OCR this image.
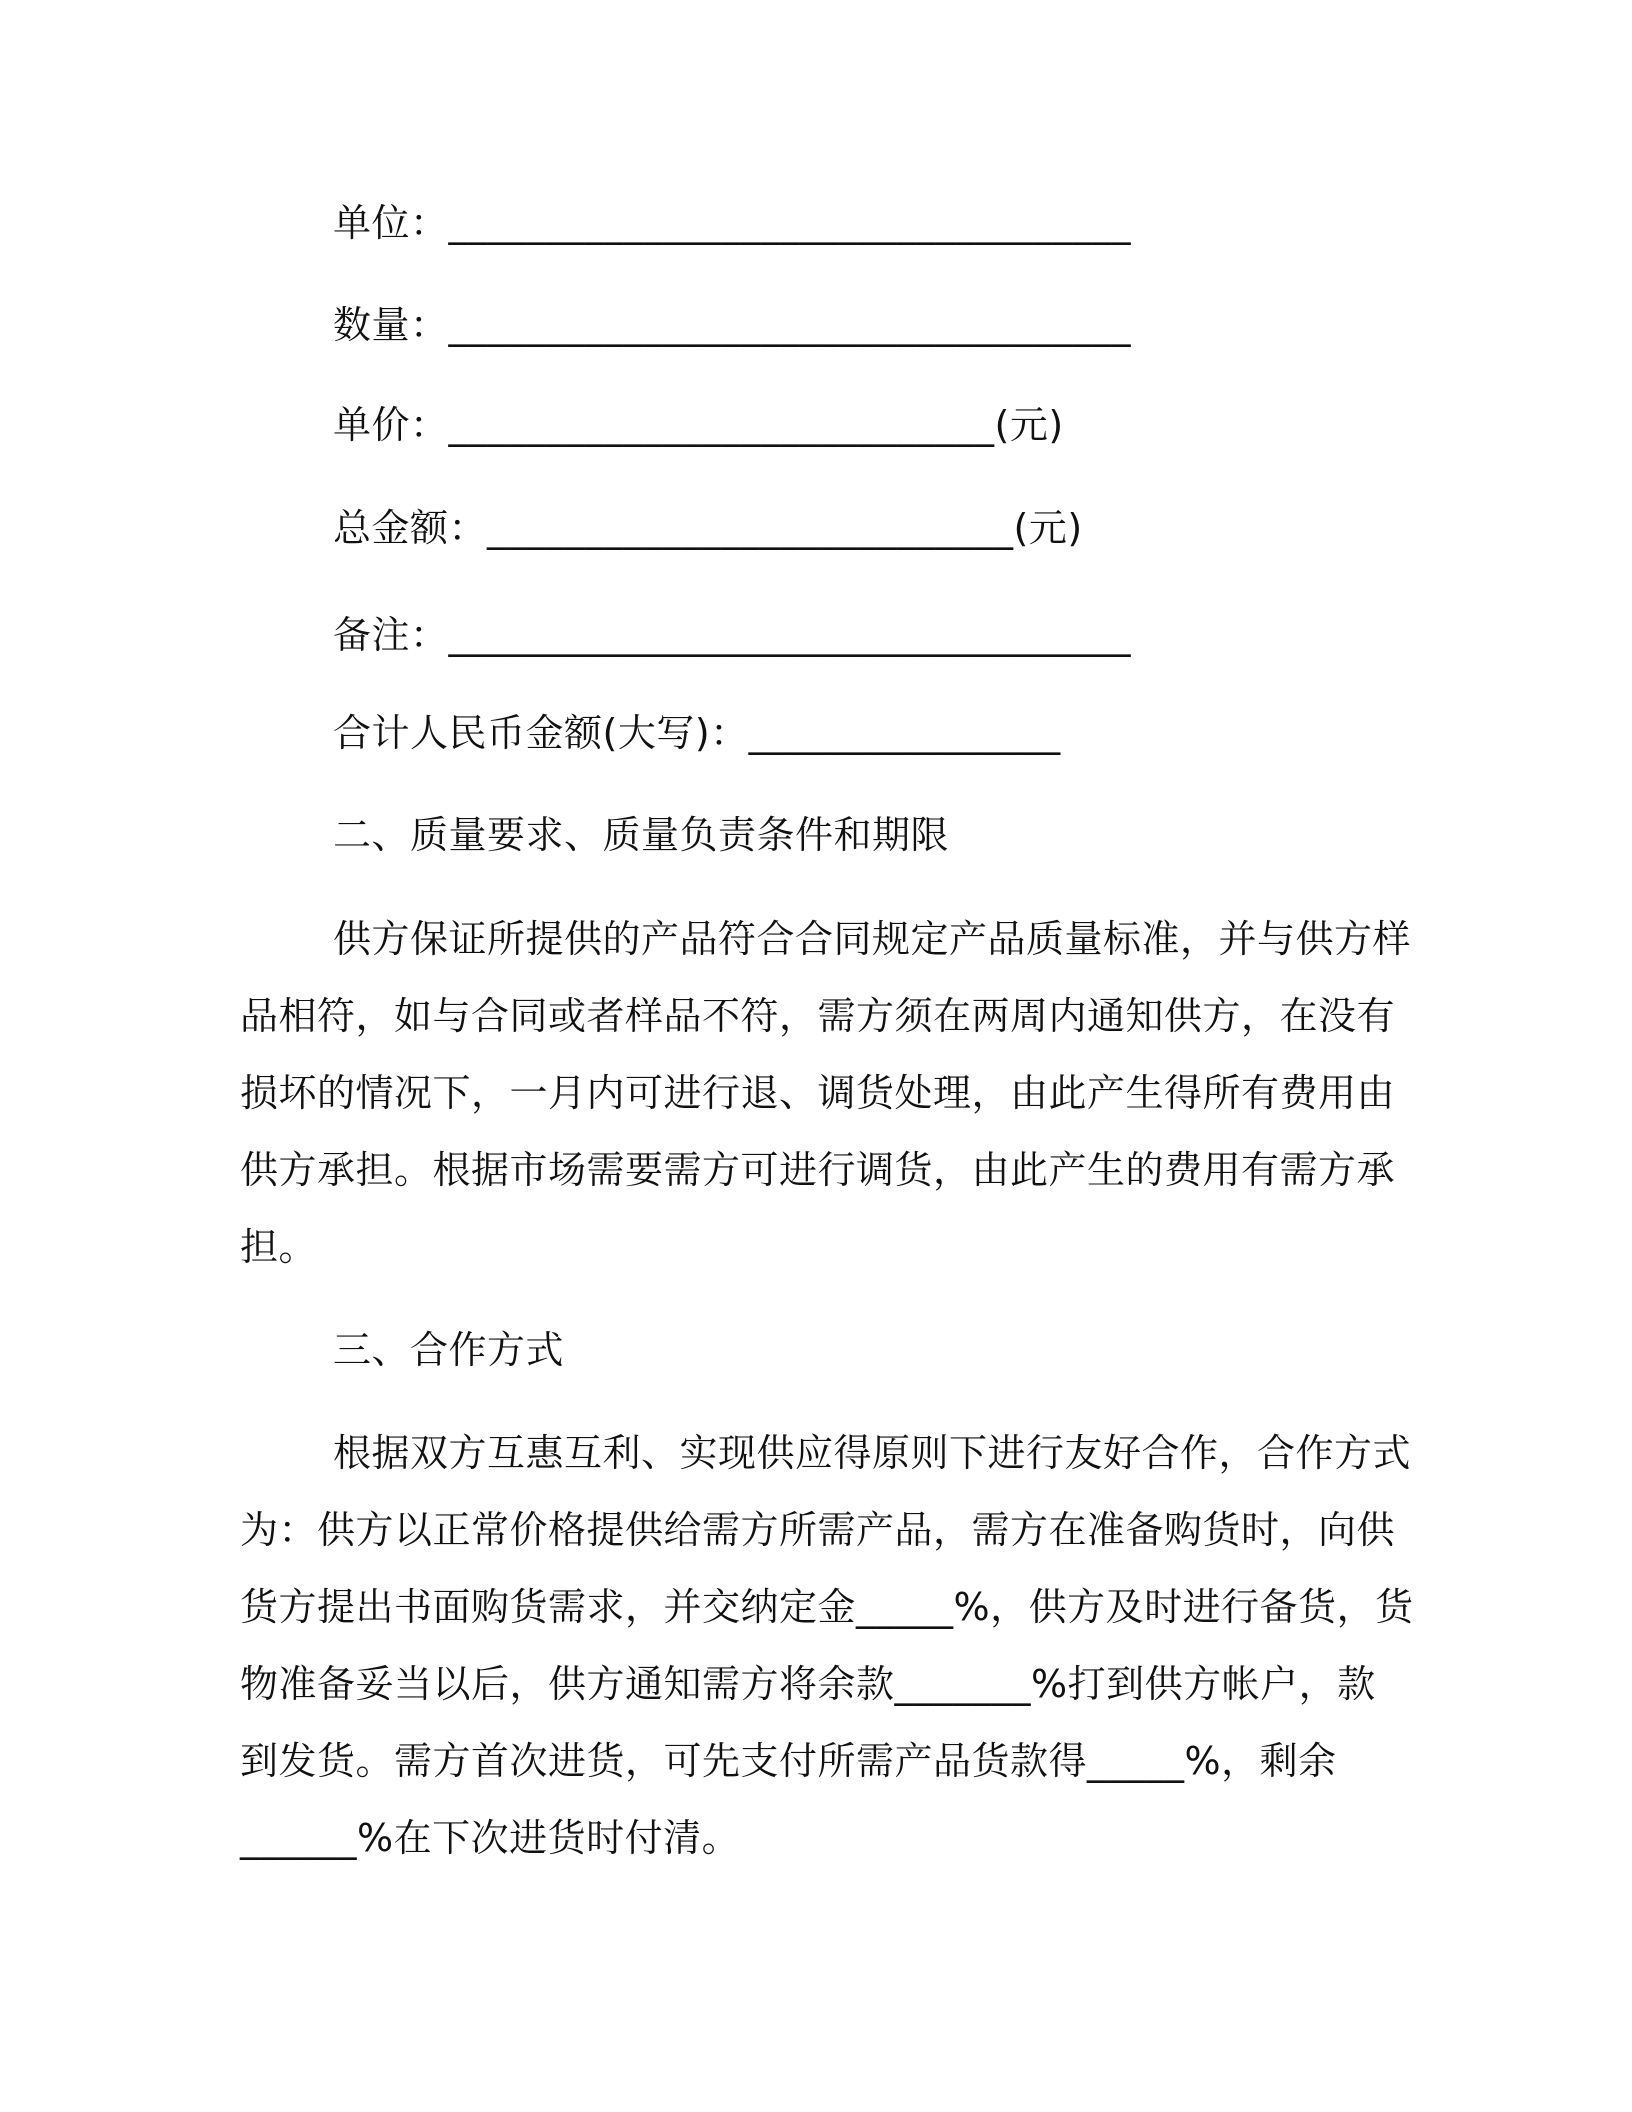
单位：___________________________________
数量：___________________________________
单价：____________________________(元)
总金额：___________________________(元)
备注：___________________________________
合计人民币金额(大写)：________________
二、质量要求、质量负责条件和期限
供方保证所提供的产品符合合同规定产品质量标准，并与供方样
品相符，如与合同或者样品不符，需方须在两周内通知供方，在没有
损坏的情况下，一月内可进行退、调货处理，由此产生得所有费用由
供方承担。根据市场需要需方可进行调货，由此产生的费用有需方承
担。
三、合作方式
根据双方互惠互利、实现供应得原则下进行友好合作，合作方式
为：供方以正常价格提供给需方所需产品，需方在准备购货时，向供
货方提出书面购货需求，并交纳定金_____%，供方及时进行备货，货
物准备妥当以后，供方通知需方将余款_______%打到供方帐户，款
到发货。需方首次进货，可先支付所需产品货款得_____%，剩余
______%在下次进货时付清。
